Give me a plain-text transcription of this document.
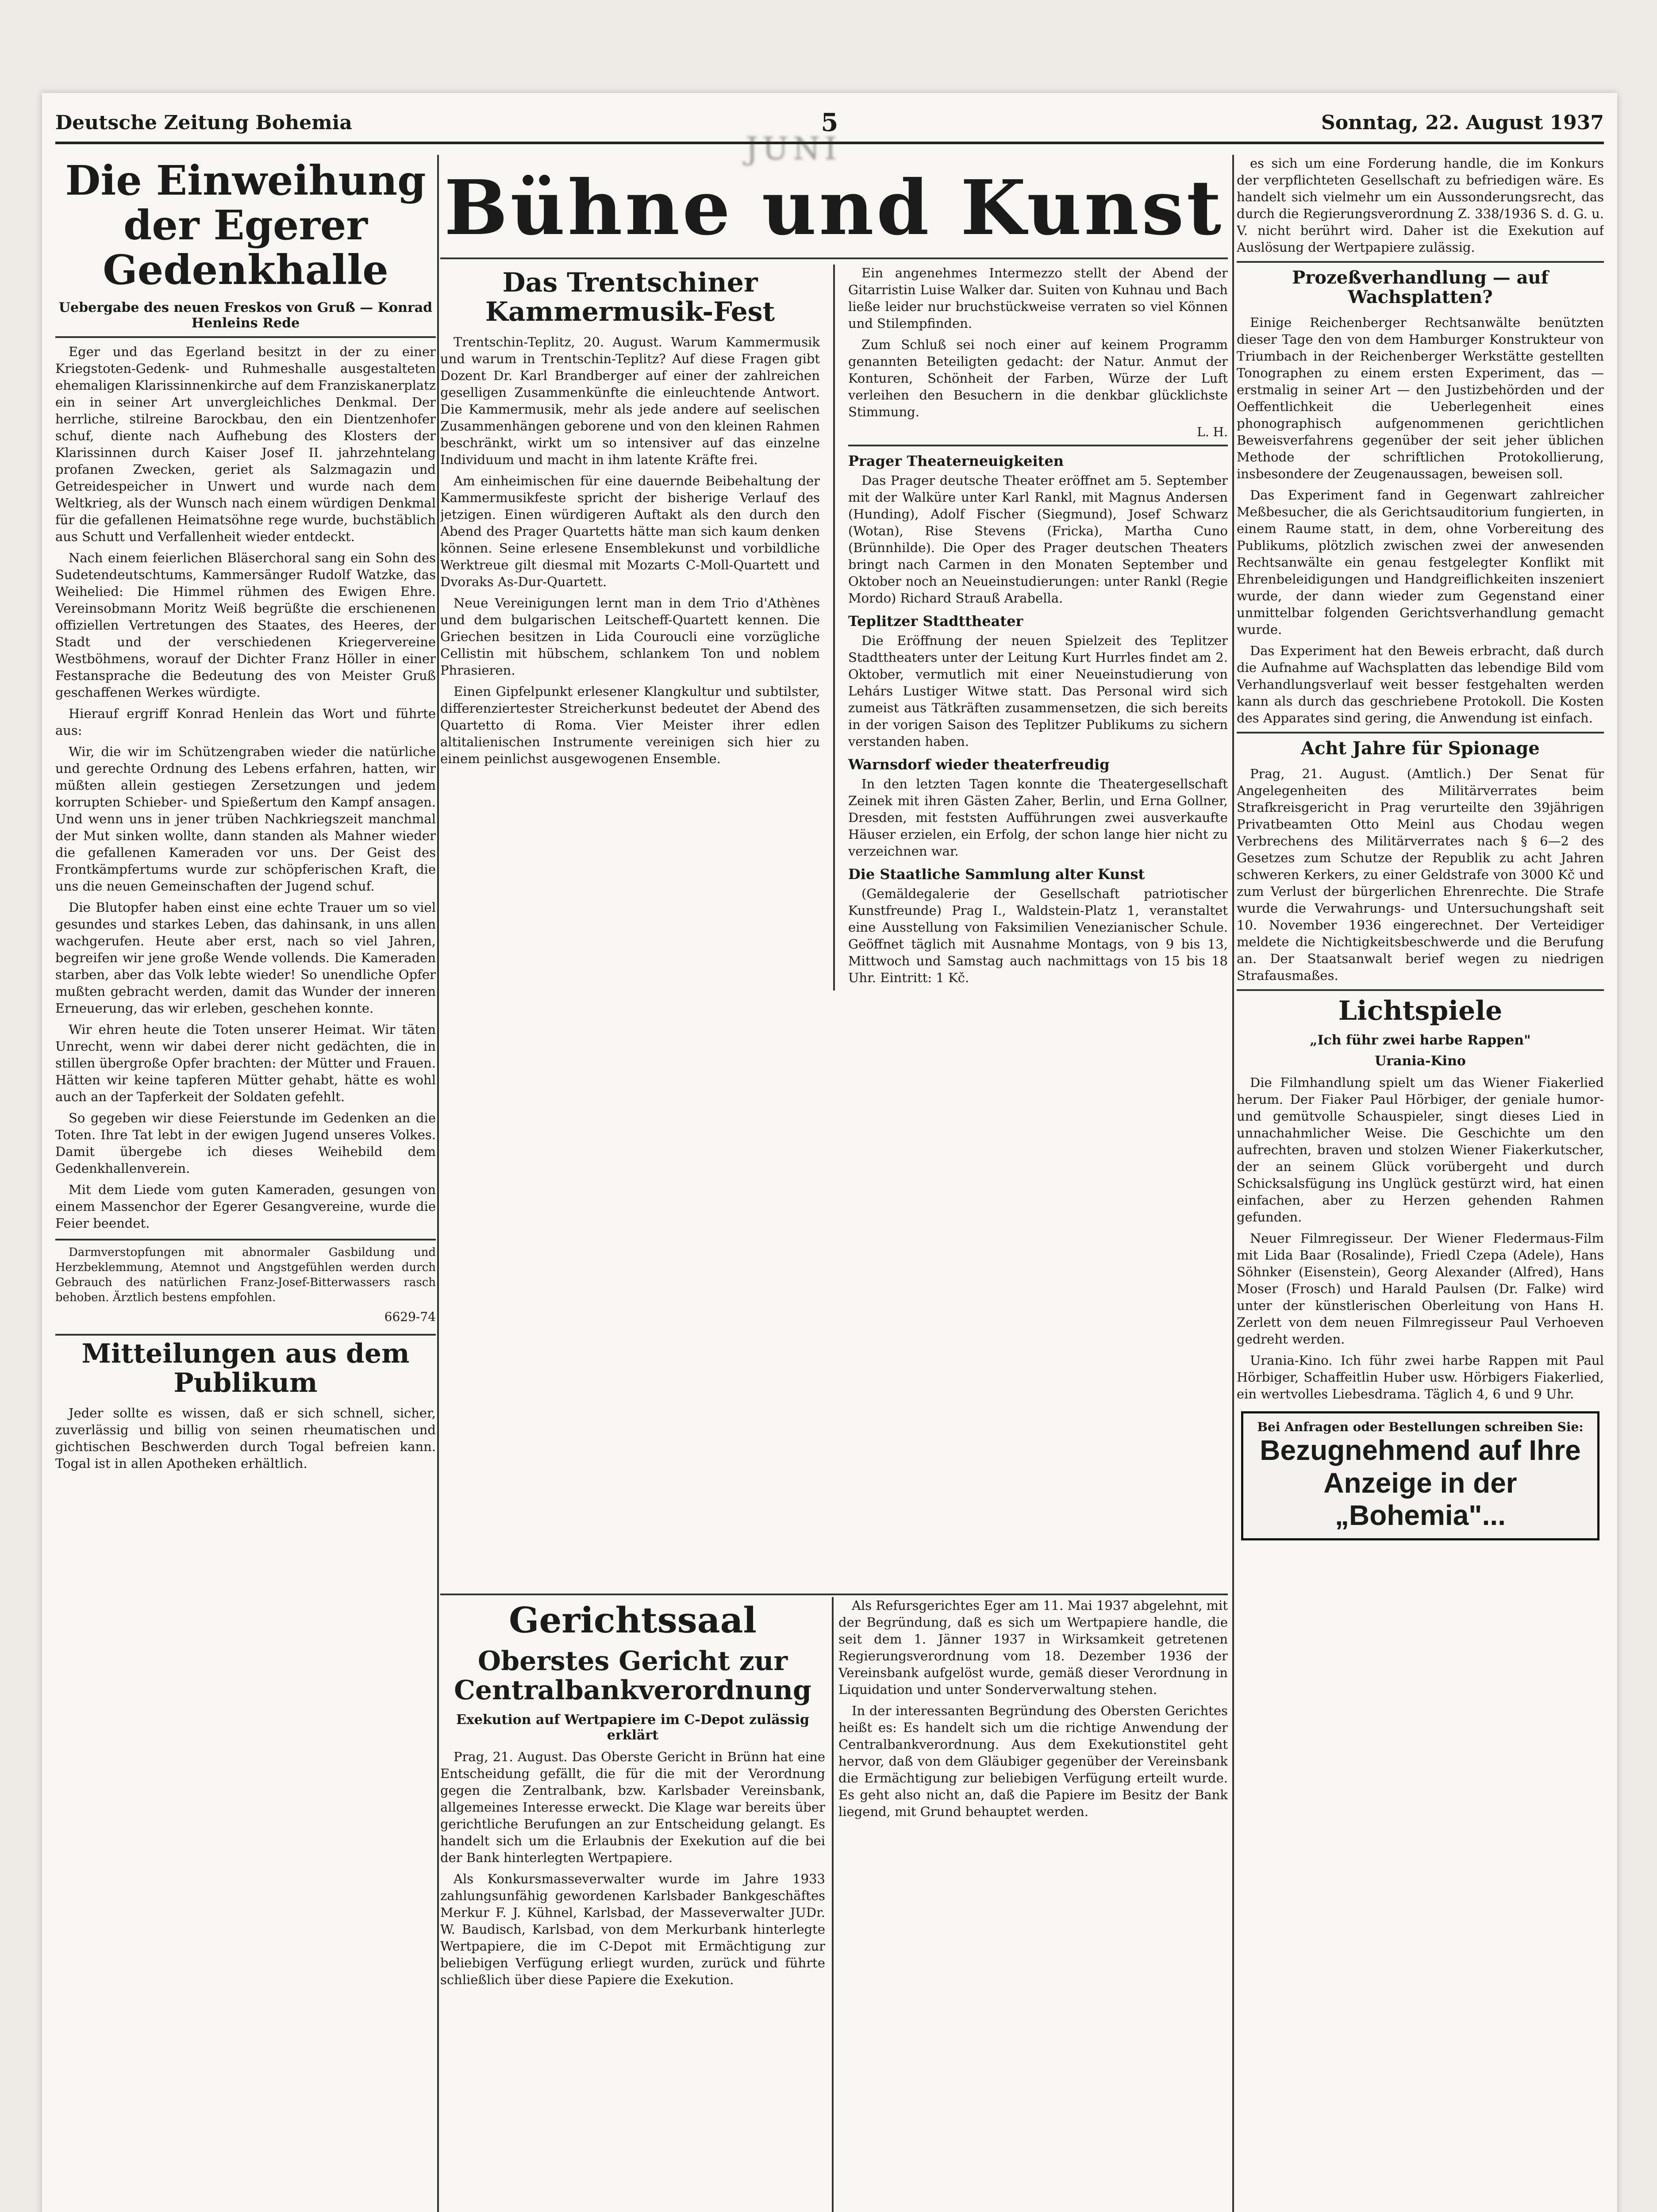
JUNI
Deutsche Zeitung Bohemia	5	Sonntag, 22. August 1937
Die Einweihung der Egerer Gedenkhalle
Uebergabe des neuen Freskos von Gruß — Konrad Henleins Rede

Eger und das Egerland besitzt in der zu einer Kriegstoten-Gedenk- und Ruhmeshalle ausgestalteten ehemaligen Klarissinnenkirche auf dem Franziskanerplatz ein in seiner Art unvergleichliches Denkmal. Der herrliche, stilreine Barockbau, den ein Dientzenhofer schuf, diente nach Aufhebung des Klosters der Klarissinnen durch Kaiser Josef II. jahrzehntelang profanen Zwecken, geriet als Salzmagazin und Getreidespeicher in Unwert und wurde nach dem Weltkrieg, als der Wunsch nach einem würdigen Denkmal für die gefallenen Heimatsöhne rege wurde, buchstäblich aus Schutt und Verfallenheit wieder entdeckt.

Nach einem feierlichen Bläserchoral sang ein Sohn des Sudetendeutschtums, Kammersänger Rudolf Watzke, das Weihelied: Die Himmel rühmen des Ewigen Ehre. Vereinsobmann Moritz Weiß begrüßte die erschienenen offiziellen Vertretungen des Staates, des Heeres, der Stadt und der verschiedenen Kriegervereine Westböhmens, worauf der Dichter Franz Höller in einer Festansprache die Bedeutung des von Meister Gruß geschaffenen Werkes würdigte.

Hierauf ergriff Konrad Henlein das Wort und führte aus:

Wir, die wir im Schützengraben wieder die natürliche und gerechte Ordnung des Lebens erfahren, hatten, wir müßten allein gestiegen Zersetzungen und jedem korrupten Schieber- und Spießertum den Kampf ansagen. Und wenn uns in jener trüben Nachkriegszeit manchmal der Mut sinken wollte, dann standen als Mahner wieder die gefallenen Kameraden vor uns. Der Geist des Frontkämpfertums wurde zur schöpferischen Kraft, die uns die neuen Gemeinschaften der Jugend schuf.

Die Blutopfer haben einst eine echte Trauer um so viel gesundes und starkes Leben, das dahinsank, in uns allen wachgerufen. Heute aber erst, nach so viel Jahren, begreifen wir jene große Wende vollends. Die Kameraden starben, aber das Volk lebte wieder! So unendliche Opfer mußten gebracht werden, damit das Wunder der inneren Erneuerung, das wir erleben, geschehen konnte.

Wir ehren heute die Toten unserer Heimat. Wir täten Unrecht, wenn wir dabei derer nicht gedächten, die in stillen übergroße Opfer brachten: der Mütter und Frauen. Hätten wir keine tapferen Mütter gehabt, hätte es wohl auch an der Tapferkeit der Soldaten gefehlt.

So gegeben wir diese Feierstunde im Gedenken an die Toten. Ihre Tat lebt in der ewigen Jugend unseres Volkes. Damit übergebe ich dieses Weihebild dem Gedenkhallenverein.

Mit dem Liede vom guten Kameraden, gesungen von einem Massenchor der Egerer Gesangvereine, wurde die Feier beendet.

Darmverstopfungen mit abnormaler Gasbildung und Herzbeklemmung, Atemnot und Angstgefühlen werden durch Gebrauch des natürlichen Franz-Josef-Bitterwassers rasch behoben. Ärztlich bestens empfohlen.

6629-74
Mitteilungen aus dem Publikum

Jeder sollte es wissen, daß er sich schnell, sicher, zuverlässig und billig von seinen rheumatischen und gichtischen Beschwerden durch Togal befreien kann. Togal ist in allen Apotheken erhältlich.

Bühne und Kunst
Das Trentschiner Kammermusik-Fest

Trentschin-Teplitz, 20. August. Warum Kammermusik und warum in Trentschin-Teplitz? Auf diese Fragen gibt Dozent Dr. Karl Brandberger auf einer der zahlreichen geselligen Zusammenkünfte die einleuchtende Antwort. Die Kammermusik, mehr als jede andere auf seelischen Zusammenhängen geborene und von den kleinen Rahmen beschränkt, wirkt um so intensiver auf das einzelne Individuum und macht in ihm latente Kräfte frei.

Am einheimischen für eine dauernde Beibehaltung der Kammermusikfeste spricht der bisherige Verlauf des jetzigen. Einen würdigeren Auftakt als den durch den Abend des Prager Quartetts hätte man sich kaum denken können. Seine erlesene Ensemblekunst und vorbildliche Werktreue gilt diesmal mit Mozarts C-Moll-Quartett und Dvoraks As-Dur-Quartett.

Neue Vereinigungen lernt man in dem Trio d'Athènes und dem bulgarischen Leitscheff-Quartett kennen. Die Griechen besitzen in Lida Couroucli eine vorzügliche Cellistin mit hübschem, schlankem Ton und noblem Phrasieren.

Einen Gipfelpunkt erlesener Klangkultur und subtilster, differenziertester Streicherkunst bedeutet der Abend des Quartetto di Roma. Vier Meister ihrer edlen altitalienischen Instrumente vereinigen sich hier zu einem peinlichst ausgewogenen Ensemble.

Ein angenehmes Intermezzo stellt der Abend der Gitarristin Luise Walker dar. Suiten von Kuhnau und Bach ließe leider nur bruchstückweise verraten so viel Können und Stilempfinden.

Zum Schluß sei noch einer auf keinem Programm genannten Beteiligten gedacht: der Natur. Anmut der Konturen, Schönheit der Farben, Würze der Luft verleihen den Besuchern in die denkbar glücklichste Stimmung.

L. H.

Prager Theaterneuigkeiten

Das Prager deutsche Theater eröffnet am 5. September mit der Walküre unter Karl Rankl, mit Magnus Andersen (Hunding), Adolf Fischer (Siegmund), Josef Schwarz (Wotan), Rise Stevens (Fricka), Martha Cuno (Brünnhilde). Die Oper des Prager deutschen Theaters bringt nach Carmen in den Monaten September und Oktober noch an Neueinstudierungen: unter Rankl (Regie Mordo) Richard Strauß Arabella.

Teplitzer Stadttheater

Die Eröffnung der neuen Spielzeit des Teplitzer Stadttheaters unter der Leitung Kurt Hurrles findet am 2. Oktober, vermutlich mit einer Neueinstudierung von Lehárs Lustiger Witwe statt. Das Personal wird sich zumeist aus Tätkräften zusammensetzen, die sich bereits in der vorigen Saison des Teplitzer Publikums zu sichern verstanden haben.

Warnsdorf wieder theaterfreudig

In den letzten Tagen konnte die Theatergesellschaft Zeinek mit ihren Gästen Zaher, Berlin, und Erna Gollner, Dresden, mit feststen Aufführungen zwei ausverkaufte Häuser erzielen, ein Erfolg, der schon lange hier nicht zu verzeichnen war.

Die Staatliche Sammlung alter Kunst

(Gemäldegalerie der Gesellschaft patriotischer Kunstfreunde) Prag I., Waldstein-Platz 1, veranstaltet eine Ausstellung von Faksimilien Venezianischer Schule. Geöffnet täglich mit Ausnahme Montags, von 9 bis 13, Mittwoch und Samstag auch nachmittags von 15 bis 18 Uhr. Eintritt: 1 Kč.

Gerichtssaal
Oberstes Gericht zur Centralbankverordnung
Exekution auf Wertpapiere im C-Depot zulässig erklärt

Prag, 21. August. Das Oberste Gericht in Brünn hat eine Entscheidung gefällt, die für die mit der Verordnung gegen die Zentralbank, bzw. Karlsbader Vereinsbank, allgemeines Interesse erweckt. Die Klage war bereits über gerichtliche Berufungen an zur Entscheidung gelangt. Es handelt sich um die Erlaubnis der Exekution auf die bei der Bank hinterlegten Wertpapiere.

Als Konkursmasseverwalter wurde im Jahre 1933 zahlungsunfähig gewordenen Karlsbader Bankgeschäftes Merkur F. J. Kühnel, Karlsbad, der Masseverwalter JUDr. W. Baudisch, Karlsbad, von dem Merkurbank hinterlegte Wertpapiere, die im C-Depot mit Ermächtigung zur beliebigen Verfügung erliegt wurden, zurück und führte schließlich über diese Papiere die Exekution.

Als Refursgerichtes Eger am 11. Mai 1937 abgelehnt, mit der Begründung, daß es sich um Wertpapiere handle, die seit dem 1. Jänner 1937 in Wirksamkeit getretenen Regierungsverordnung vom 18. Dezember 1936 der Vereinsbank aufgelöst wurde, gemäß dieser Verordnung in Liquidation und unter Sonderverwaltung stehen.

In der interessanten Begründung des Obersten Gerichtes heißt es: Es handelt sich um die richtige Anwendung der Centralbankverordnung. Aus dem Exekutionstitel geht hervor, daß von dem Gläubiger gegenüber der Vereinsbank die Ermächtigung zur beliebigen Verfügung erteilt wurde. Es geht also nicht an, daß die Papiere im Besitz der Bank liegend, mit Grund behauptet werden.

es sich um eine Forderung handle, die im Konkurs der verpflichteten Gesellschaft zu befriedigen wäre. Es handelt sich vielmehr um ein Aussonderungsrecht, das durch die Regierungsverordnung Z. 338/1936 S. d. G. u. V. nicht berührt wird. Daher ist die Exekution auf Auslösung der Wertpapiere zulässig.

Prozeßverhandlung — auf Wachsplatten?

Einige Reichenberger Rechtsanwälte benützten dieser Tage den von dem Hamburger Konstrukteur von Triumbach in der Reichenberger Werkstätte gestellten Tonographen zu einem ersten Experiment, das — erstmalig in seiner Art — den Justizbehörden und der Oeffentlichkeit die Ueberlegenheit eines phonographisch aufgenommenen gerichtlichen Beweisverfahrens gegenüber der seit jeher üblichen Methode der schriftlichen Protokollierung, insbesondere der Zeugenaussagen, beweisen soll.

Das Experiment fand in Gegenwart zahlreicher Meßbesucher, die als Gerichtsauditorium fungierten, in einem Raume statt, in dem, ohne Vorbereitung des Publikums, plötzlich zwischen zwei der anwesenden Rechtsanwälte ein genau festgelegter Konflikt mit Ehrenbeleidigungen und Handgreiflichkeiten inszeniert wurde, der dann wieder zum Gegenstand einer unmittelbar folgenden Gerichtsverhandlung gemacht wurde.

Das Experiment hat den Beweis erbracht, daß durch die Aufnahme auf Wachsplatten das lebendige Bild vom Verhandlungsverlauf weit besser festgehalten werden kann als durch das geschriebene Protokoll. Die Kosten des Apparates sind gering, die Anwendung ist einfach.

Acht Jahre für Spionage

Prag, 21. August. (Amtlich.) Der Senat für Angelegenheiten des Militärverrates beim Strafkreisgericht in Prag verurteilte den 39jährigen Privatbeamten Otto Meinl aus Chodau wegen Verbrechens des Militärverrates nach § 6—2 des Gesetzes zum Schutze der Republik zu acht Jahren schweren Kerkers, zu einer Geldstrafe von 3000 Kč und zum Verlust der bürgerlichen Ehrenrechte. Die Strafe wurde die Verwahrungs- und Untersuchungshaft seit 10. November 1936 eingerechnet. Der Verteidiger meldete die Nichtigkeitsbeschwerde und die Berufung an. Der Staatsanwalt berief wegen zu niedrigen Strafausmaßes.

Lichtspiele
„Ich führ zwei harbe Rappen"
Urania-Kino

Die Filmhandlung spielt um das Wiener Fiakerlied herum. Der Fiaker Paul Hörbiger, der geniale humor- und gemütvolle Schauspieler, singt dieses Lied in unnachahmlicher Weise. Die Geschichte um den aufrechten, braven und stolzen Wiener Fiakerkutscher, der an seinem Glück vorübergeht und durch Schicksalsfügung ins Unglück gestürzt wird, hat einen einfachen, aber zu Herzen gehenden Rahmen gefunden.

Neuer Filmregisseur. Der Wiener Fledermaus-Film mit Lida Baar (Rosalinde), Friedl Czepa (Adele), Hans Söhnker (Eisenstein), Georg Alexander (Alfred), Hans Moser (Frosch) und Harald Paulsen (Dr. Falke) wird unter der künstlerischen Oberleitung von Hans H. Zerlett von dem neuen Filmregisseur Paul Verhoeven gedreht werden.

Urania-Kino. Ich führ zwei harbe Rappen mit Paul Hörbiger, Schaffeitlin Huber usw. Hörbigers Fiakerlied, ein wertvolles Liebesdrama. Täglich 4, 6 und 9 Uhr.

Bei Anfragen oder Bestellungen schreiben Sie:
Bezugnehmend auf Ihre Anzeige in der „Bohemia"...
